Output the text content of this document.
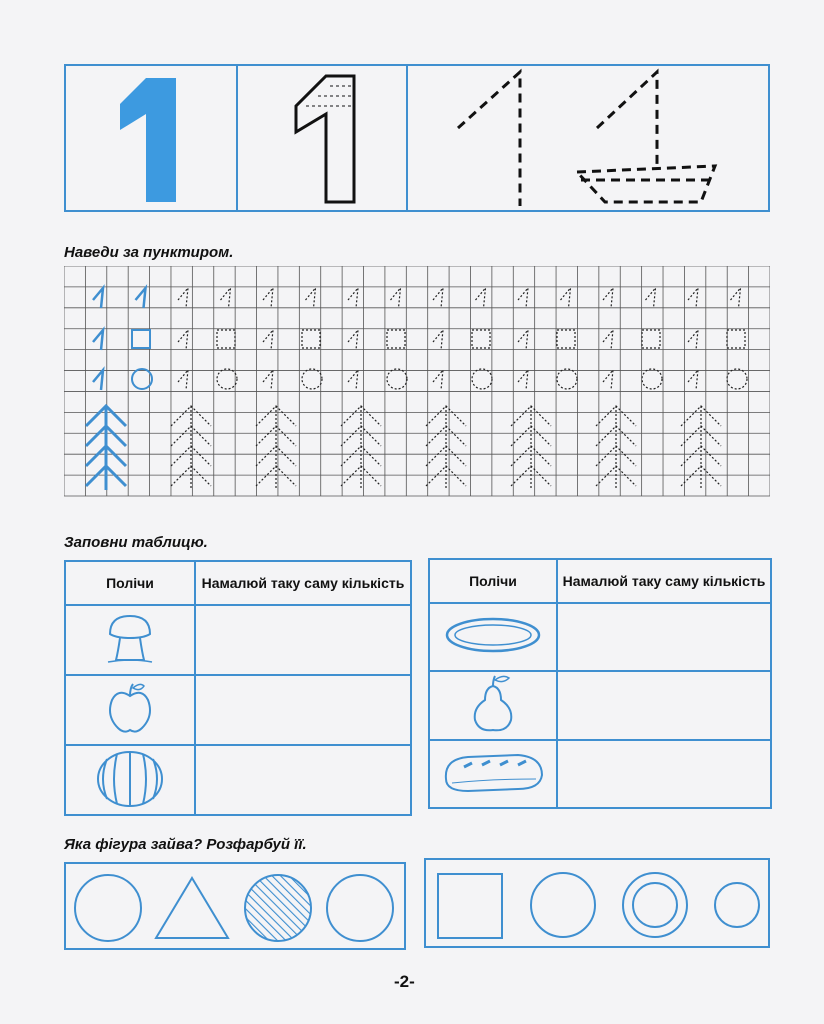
Наведи за пунктиром.
Заповни таблицю.
Полічи	Намалюй таку саму кількість

		Полічи	Намалюй таку саму кількість

Яка фігура зайва? Розфарбуй її.
-2-
